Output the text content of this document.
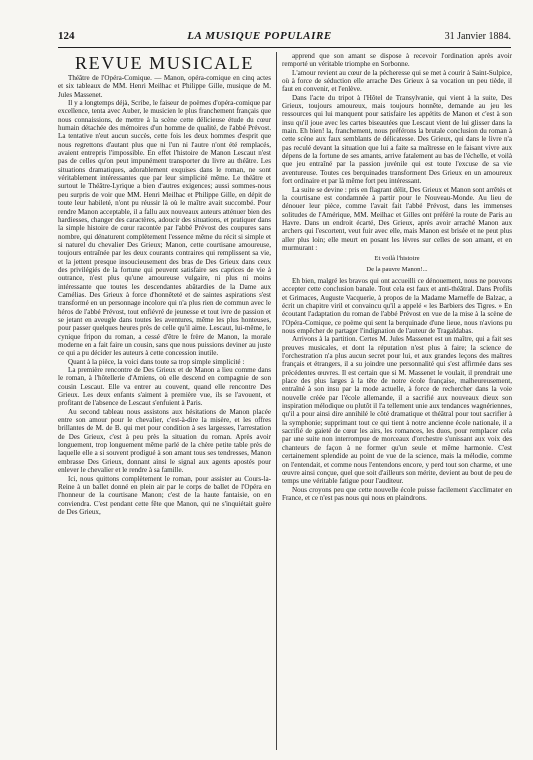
124	LA MUSIQUE POPULAIRE	31 Janvier 1884.

REVUE MUSICALE

Théâtre de l'Opéra-Comique. — Manon, opéra-comique en cinq actes et six tableaux de MM. Henri Meilhac et Philippe Gille, musique de M. Jules Massenet.

Il y a longtemps déjà, Scribe, le faiseur de poèmes d'opéra-comique par excellence, tenta avec Auber, le musicien le plus franchement français que nous connaissions, de mettre à la scène cette délicieuse étude du cœur humain détachée des mémoires d'un homme de qualité, de l'abbé Prévost. La tentative n'eut aucun succès, cette fois les deux hommes d'esprit que nous regrettons d'autant plus que ni l'un ni l'autre n'ont été remplacés, avaient entrepris l'impossible. En effet l'histoire de Manon Lescaut n'est pas de celles qu'on peut impunément transporter du livre au théâtre. Les situations dramatiques, adorablement exquises dans le roman, ne sont véritablement intéressantes que par leur simplicité même. Le théâtre et surtout le Théâtre-Lyrique a bien d'autres exigences; aussi sommes-nous peu surpris de voir que MM. Henri Meilhac et Philippe Gille, en dépit de toute leur habileté, n'ont pu réussir là où le maître avait succombé. Pour rendre Manon acceptable, il a fallu aux nouveaux auteurs atténuer bien des hardiesses, changer des caractères, adoucir des situations, et pratiquer dans la simple histoire de cœur racontée par l'abbé Prévost des coupures sans nombre, qui dénaturent complètement l'essence même du récit si simple et si naturel du chevalier Des Grieux; Manon, cette courtisane amoureuse, toujours entraînée par les deux courants contraires qui remplissent sa vie, et la jettent presque insoucieusement des bras de Des Grieux dans ceux des privilégiés de la fortune qui peuvent satisfaire ses caprices de vie à outrance, n'est plus qu'une amoureuse vulgaire, ni plus ni moins intéressante que toutes les descendantes abâtardies de la Dame aux Camélias. Des Grieux à force d'honnêteté et de saintes aspirations s'est transformé en un personnage incolore qui n'a plus rien de commun avec le héros de l'abbé Prévost, tout enfiévré de jeunesse et tout ivre de passion et se jetant en aveugle dans toutes les aventures, même les plus honteuses, pour passer quelques heures près de celle qu'il aime. Lescaut, lui-même, le cynique fripon du roman, a cessé d'être le frère de Manon, la morale moderne en a fait faire un cousin, sans que nous puissions deviner au juste ce qui a pu décider les auteurs à cette concession inutile.

Quant à la pièce, la voici dans toute sa trop simple simplicité :

La première rencontre de Des Grieux et de Manon a lieu comme dans le roman, à l'hôtellerie d'Amiens, où elle descend en compagnie de son cousin Lescaut. Elle va entrer au couvent, quand elle rencontre Des Grieux. Les deux enfants s'aiment à première vue, ils se l'avouent, et profitant de l'absence de Lescaut s'enfuient à Paris.

Au second tableau nous assistons aux hésitations de Manon placée entre son amour pour le chevalier, c'est-à-dire la misère, et les offres brillantes de M. de B. qui met pour condition à ses largesses, l'arrestation de Des Grieux, c'est à peu près la situation du roman. Après avoir longuement, trop longuement même parlé de la chère petite table près de laquelle elle a si souvent prodigué à son amant tous ses tendresses, Manon embrasse Des Grieux, donnant ainsi le signal aux agents apostés pour enlever le chevalier et le rendre à sa famille.

Ici, nous quittons complètement le roman, pour assister au Cours-la-Reine à un ballet donné en plein air par le corps de ballet de l'Opéra en l'honneur de la courtisane Manon; c'est de la haute fantaisie, on en conviendra. C'est pendant cette fête que Manon, qui ne s'inquiétait guère de Des Grieux,

apprend que son amant se dispose à recevoir l'ordination après avoir remporté un véritable triomphe en Sorbonne.

L'amour revient au cœur de la pécheresse qui se met à courir à Saint-Sulpice, où à force de séduction elle arrache Des Grieux à sa vocation un peu tiède, il faut en convenir, et l'enlève.

Dans l'acte du tripot à l'Hôtel de Transylvanie, qui vient à la suite, Des Grieux, toujours amoureux, mais toujours honnête, demande au jeu les ressources qui lui manquent pour satisfaire les appétits de Manon et c'est à son insu qu'il joue avec les cartes biseautées que Lescaut vient de lui glisser dans la main. Eh bien! la, franchement, nous préférons la brutale conclusion du roman à cette scène aux faux semblants de délicatesse. Des Grieux, qui dans le livre n'a pas reculé devant la situation que lui a faite sa maîtresse en le faisant vivre aux dépens de la fortune de ses amants, arrive fatalement au bas de l'échelle, et voilà que jeu entraîné par la passion juvénile qui est toute l'excuse de sa vie aventureuse. Toutes ces berquinades transforment Des Grieux en un amoureux fort ordinaire et par là même fort peu intéressant.

La suite se devine : pris en flagrant délit, Des Grieux et Manon sont arrêtés et la courtisane est condamnée à partir pour le Nouveau-Monde. Au lieu de dénouer leur pièce, comme l'avait fait l'abbé Prévost, dans les immenses solitudes de l'Amérique, MM. Meilhac et Gilles ont préféré la route de Paris au Havre. Dans un endroit écarté, Des Grieux, après avoir arraché Manon aux archers qui l'escortent, veut fuir avec elle, mais Manon est brisée et ne peut plus aller plus loin; elle meurt en posant les lèvres sur celles de son amant, et en murmurant :

Et voilà l'histoire

De la pauvre Manon!...

Eh bien, malgré les bravos qui ont accueilli ce dénouement, nous ne pouvons accepter cette conclusion banale. Tout cela est faux et anti-théâtral. Dans Profils et Grimaces, Auguste Vacquerie, à propos de la Madame Marneffe de Balzac, a écrit un chapitre viril et convaincu qu'il a appelé « les Barbiers des Tigres. » En écoutant l'adaptation du roman de l'abbé Prévost en vue de la mise à la scène de l'Opéra-Comique, ce poème qui sent la berquinade d'une lieue, nous n'avions pu nous empêcher de partager l'indignation de l'auteur de Tragaldabas.

Arrivons à la partition. Certes M. Jules Massenet est un maître, qui a fait ses preuves musicales, et dont la réputation n'est plus à faire; la science de l'orchestration n'a plus aucun secret pour lui, et aux grandes leçons des maîtres français et étrangers, il a su joindre une personnalité qui s'est affirmée dans ses précédentes œuvres. Il est certain que si M. Massenet le voulait, il prendrait une place des plus larges à la tête de notre école française, malheureusement, entraîné à son insu par la mode actuelle, à force de rechercher dans la voie nouvelle créée par l'école allemande, il a sacrifié aux nouveaux dieux son inspiration mélodique ou plutôt il l'a tellement unie aux tendances wagnériennes, qu'il a pour ainsi dire annihilé le côté dramatique et théâtral pour tout sacrifier à la symphonie; supprimant tout ce qui tient à notre ancienne école nationale, il a sacrifié de gaieté de cœur les airs, les romances, les duos, pour remplacer cela par une suite non interrompue de morceaux d'orchestre s'unissant aux voix des chanteurs de façon à ne former qu'un seule et même harmonie. C'est certainement splendide au point de vue de la science, mais la mélodie, comme on l'entendait, et comme nous l'entendons encore, y perd tout son charme, et une œuvre ainsi conçue, quel que soit d'ailleurs son mérite, devient au bout de peu de temps une véritable fatigue pour l'auditeur.

Nous croyons peu que cette nouvelle école puisse facilement s'acclimater en France, et ce n'est pas nous qui nous en plaindrons.
